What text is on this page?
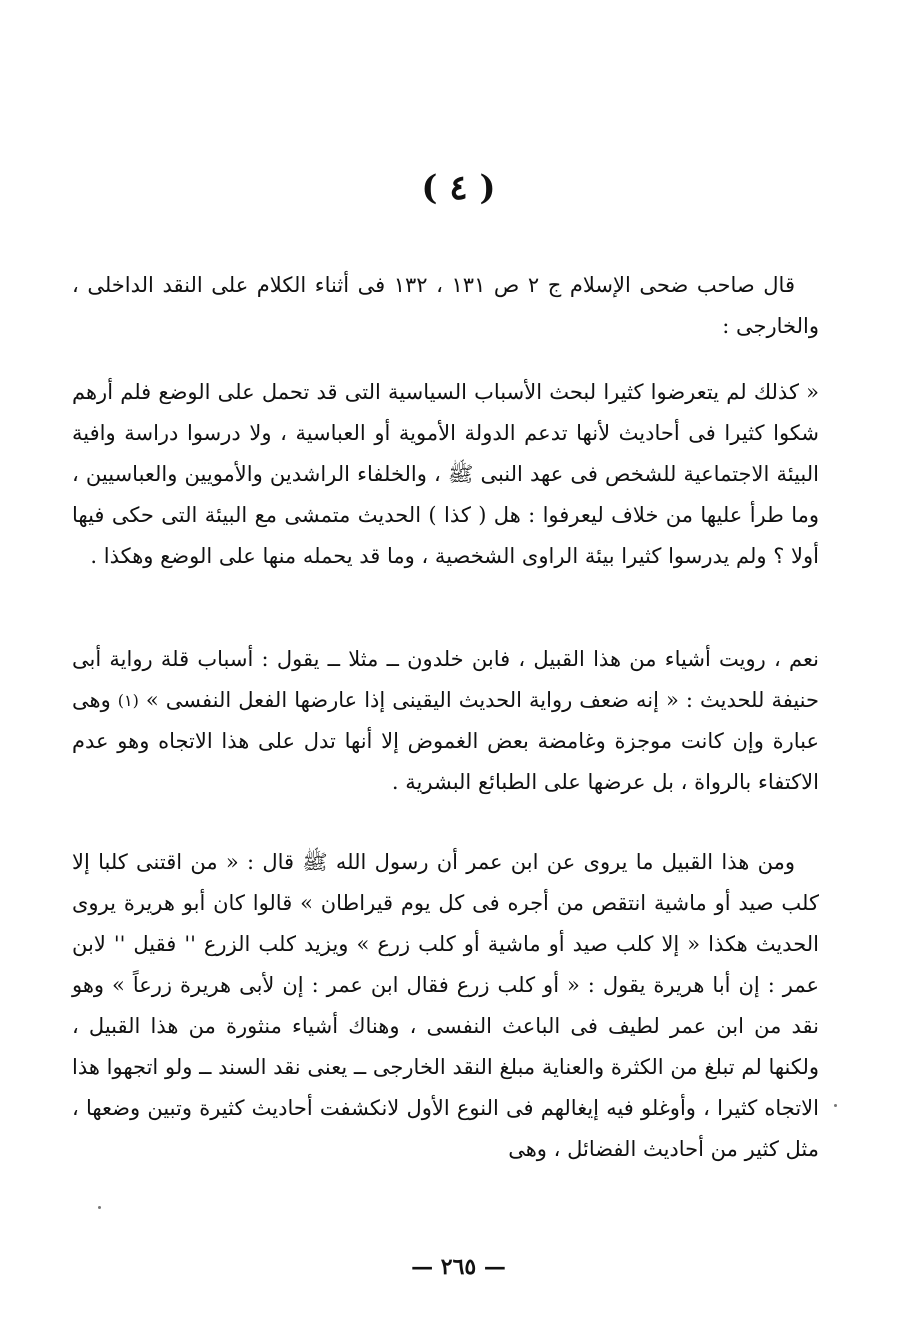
( ٤ )

قال صاحب ضحى الإسلام ج ٢ ص ١٣١ ، ١٣٢ فى أثناء الكلام على النقد الداخلى ، والخارجى :

« كذلك لم يتعرضوا كثيرا لبحث الأسباب السياسية التى قد تحمل على الوضع فلم أرهم شكوا كثيرا فى أحاديث لأنها تدعم الدولة الأموية أو العباسية ، ولا درسوا دراسة وافية البيئة الاجتماعية للشخص فى عهد النبى ﷺ ، والخلفاء الراشدين والأمويين والعباسيين ، وما طرأ عليها من خلاف ليعرفوا : هل ( كذا ) الحديث متمشى مع البيئة التى حكى فيها أولا ؟ ولم يدرسوا كثيرا بيئة الراوى الشخصية ، وما قد يحمله منها على الوضع وهكذا .

نعم ، رويت أشياء من هذا القبيل ، فابن خلدون ــ مثلا ــ يقول : أسباب قلة رواية أبى حنيفة للحديث : « إنه ضعف رواية الحديث اليقينى إذا عارضها الفعل النفسى » $^{(١)}$ وهى عبارة وإن كانت موجزة وغامضة بعض الغموض إلا أنها تدل على هذا الاتجاه وهو عدم الاكتفاء بالرواة ، بل عرضها على الطبائع البشرية .

ومن هذا القبيل ما يروى عن ابن عمر أن رسول الله ﷺ قال : « من اقتنى كلبا إلا كلب صيد أو ماشية انتقص من أجره فى كل يوم قيراطان » قالوا كان أبو هريرة يروى الحديث هكذا « إلا كلب صيد أو ماشية أو كلب زرع » ويزيد كلب الزرع '' فقيل '' لابن عمر : إن أبا هريرة يقول : « أو كلب زرع فقال ابن عمر : إن لأبى هريرة زرعاً » وهو نقد من ابن عمر لطيف فى الباعث النفسى ، وهناك أشياء منثورة من هذا القبيل ، ولكنها لم تبلغ من الكثرة والعناية مبلغ النقد الخارجى ــ يعنى نقد السند ــ ولو اتجهوا هذا الاتجاه كثيرا ، وأوغلو فيه إيغالهم فى النوع الأول لانكشفت أحاديث كثيرة وتبين وضعها ، مثل كثير من أحاديث الفضائل ، وهى

— ٢٦٥ —
